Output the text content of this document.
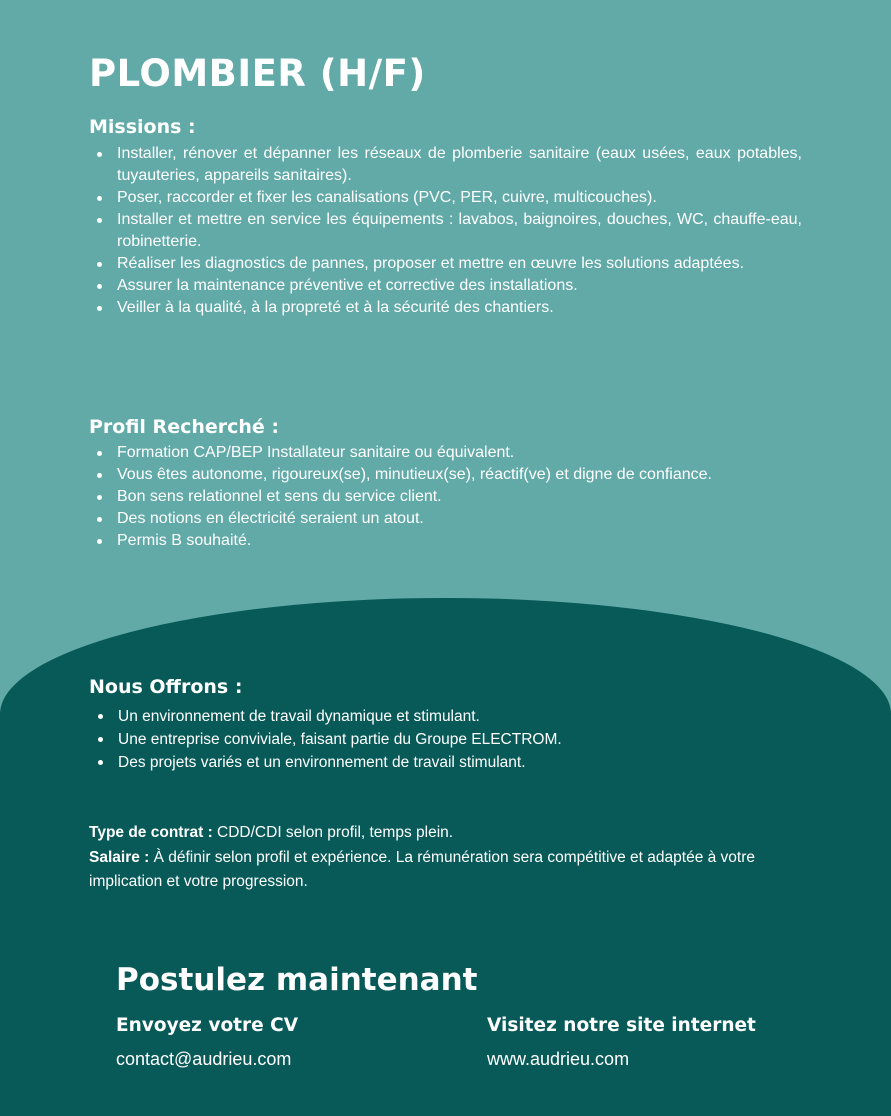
PLOMBIER (H/F)
Missions :
Installer, rénover et dépanner les réseaux de plomberie sanitaire (eaux usées, eaux potables, tuyauteries, appareils sanitaires).
Poser, raccorder et fixer les canalisations (PVC, PER, cuivre, multicouches).
Installer et mettre en service les équipements : lavabos, baignoires, douches, WC, chauffe-eau, robinetterie.
Réaliser les diagnostics de pannes, proposer et mettre en œuvre les solutions adaptées.
Assurer la maintenance préventive et corrective des installations.
Veiller à la qualité, à la propreté et à la sécurité des chantiers.
Profil Recherché :
Formation CAP/BEP Installateur sanitaire ou équivalent.
Vous êtes autonome, rigoureux(se), minutieux(se), réactif(ve) et digne de confiance.
Bon sens relationnel et sens du service client.
Des notions en électricité seraient un atout.
Permis B souhaité.
Nous Offrons :
Un environnement de travail dynamique et stimulant.
Une entreprise conviviale, faisant partie du Groupe ELECTROM.
Des projets variés et un environnement de travail stimulant.
Type de contrat : CDD/CDI selon profil, temps plein.
Salaire : À définir selon profil et expérience. La rémunération sera compétitive et adaptée à votre implication et votre progression.
Postulez maintenant
Envoyez votre CV
contact@audrieu.com
Visitez notre site internet
www.audrieu.com
